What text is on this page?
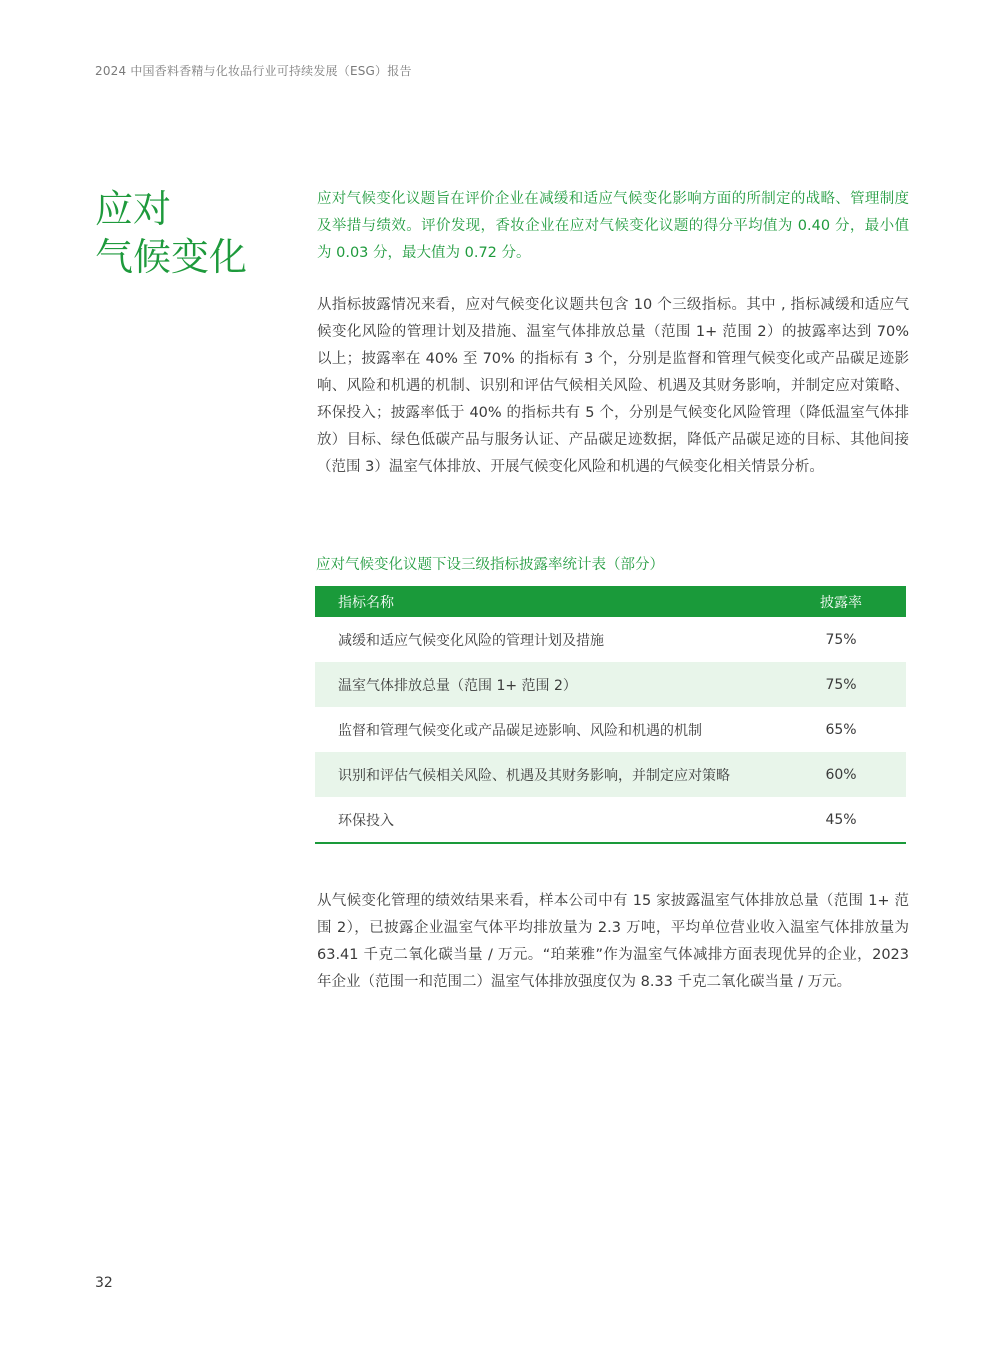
2024 中国香料香精与化妆品行业可持续发展（ESG）报告
应对
气候变化

应对气候变化议题旨在评价企业在减缓和适应气候变化影响方面的所制定的战略、管理制度及举措与绩效。评价发现，香妆企业在应对气候变化议题的得分平均值为 0.40 分，最小值为 0.03 分，最大值为 0.72 分。

从指标披露情况来看，应对气候变化议题共包含 10 个三级指标。其中 , 指标减缓和适应气候变化风险的管理计划及措施、温室气体排放总量（范围 1+ 范围 2）的披露率达到 70% 以上；披露率在 40% 至 70% 的指标有 3 个，分别是监督和管理气候变化或产品碳足迹影响、风险和机遇的机制、识别和评估气候相关风险、机遇及其财务影响，并制定应对策略、环保投入；披露率低于 40% 的指标共有 5 个，分别是气候变化风险管理（降低温室气体排放）目标、绿色低碳产品与服务认证、产品碳足迹数据，降低产品碳足迹的目标、其他间接（范围 3）温室气体排放、开展气候变化风险和机遇的气候变化相关情景分析。

应对气候变化议题下设三级指标披露率统计表（部分）
指标名称	披露率
减缓和适应气候变化风险的管理计划及措施	75%
温室气体排放总量（范围 1+ 范围 2）	75%
监督和管理气候变化或产品碳足迹影响、风险和机遇的机制	65%
识别和评估气候相关风险、机遇及其财务影响，并制定应对策略	60%
环保投入	45%

从气候变化管理的绩效结果来看，样本公司中有 15 家披露温室气体排放总量（范围 1+ 范围 2），已披露企业温室气体平均排放量为 2.3 万吨，平均单位营业收入温室气体排放量为 63.41 千克二氧化碳当量 / 万元。“珀莱雅”作为温室气体减排方面表现优异的企业，2023 年企业（范围一和范围二）温室气体排放强度仅为 8.33 千克二氧化碳当量 / 万元。

32
